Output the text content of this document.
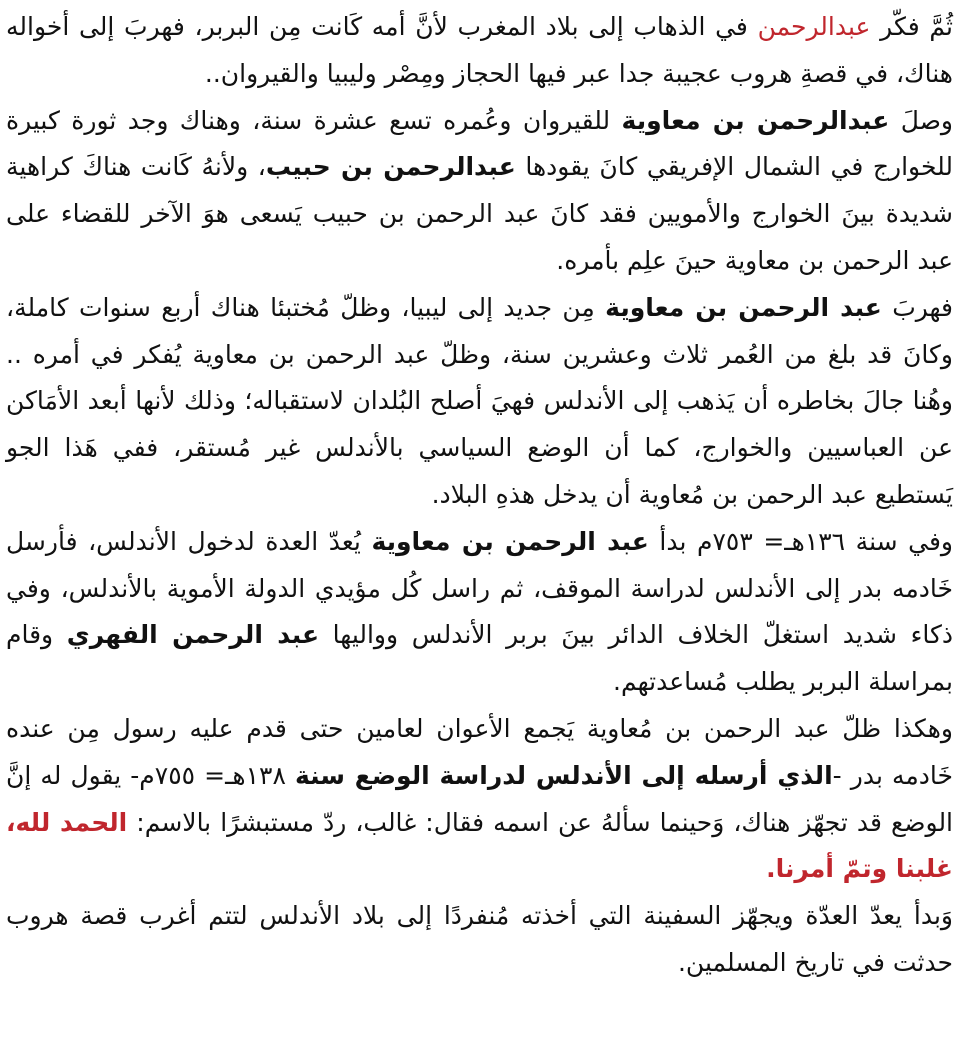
ثُمَّ فكّر عبدالرحمن في الذهاب إلى بلاد المغرب لأنَّ أمه كَانت مِن البربر، فهربَ إلى أخواله هناك، في قصةِ هروب عجيبة جدا عبر فيها الحجاز ومِصْر وليبيا والقيروان..

وصلَ عبدالرحمن بن معاوية للقيروان وعُمره تسع عشرة سنة، وهناك وجد ثورة كبيرة للخوارج في الشمال الإفريقي كانَ يقودها عبدالرحمن بن حبيب، ولأنهُ كَانت هناكَ كراهية شديدة بينَ الخوارج والأمويين فقد كانَ عبد الرحمن بن حبيب يَسعى هوَ الآخر للقضاء على عبد الرحمن بن معاوية حينَ علِم بأمره.

فهربَ عبد الرحمن بن معاوية مِن جديد إلى ليبيا، وظلّ مُختبئا هناك أربع سنوات كاملة، وكانَ قد بلغ من العُمر ثلاث وعشرين سنة، وظلّ عبد الرحمن بن معاوية يُفكر في أمره .. وهُنا جالَ بخاطره أن يَذهب إلى الأندلس فهيَ أصلح البُلدان لاستقباله؛ وذلك لأنها أبعد الأمَاكن عن العباسيين والخوارج، كما أن الوضع السياسي بالأندلس غير مُستقر، ففي هَذا الجو يَستطيع عبد الرحمن بن مُعاوية أن يدخل هذهِ البلاد.

وفي سنة ١٣٦هـ= ٧٥٣م بدأ عبد الرحمن بن معاوية يُعدّ العدة لدخول الأندلس، فأرسل خَادمه بدر إلى الأندلس لدراسة الموقف، ثم راسل كُل مؤيدي الدولة الأموية بالأندلس، وفي ذكاء شديد استغلّ الخلاف الدائر بينَ بربر الأندلس وواليها عبد الرحمن الفهري وقام بمراسلة البربر يطلب مُساعدتهم.

وهكذا ظلّ عبد الرحمن بن مُعاوية يَجمع الأعوان لعامين حتى قدم عليه رسول مِن عنده خَادمه بدر -الذي أرسله إلى الأندلس لدراسة الوضع سنة ١٣٨هـ= ٧٥٥م- يقول له إنَّ الوضع قد تجهّز هناك، وَحينما سألهُ عن اسمه فقال: غالب، ردّ مستبشرًا بالاسم: الحمد لله، غلبنا وتمّ أمرنا.

وَبدأ يعدّ العدّة ويجهّز السفينة التي أخذته مُنفردًا إلى بلاد الأندلس لتتم أغرب قصة هروب حدثت في تاريخ المسلمين.
